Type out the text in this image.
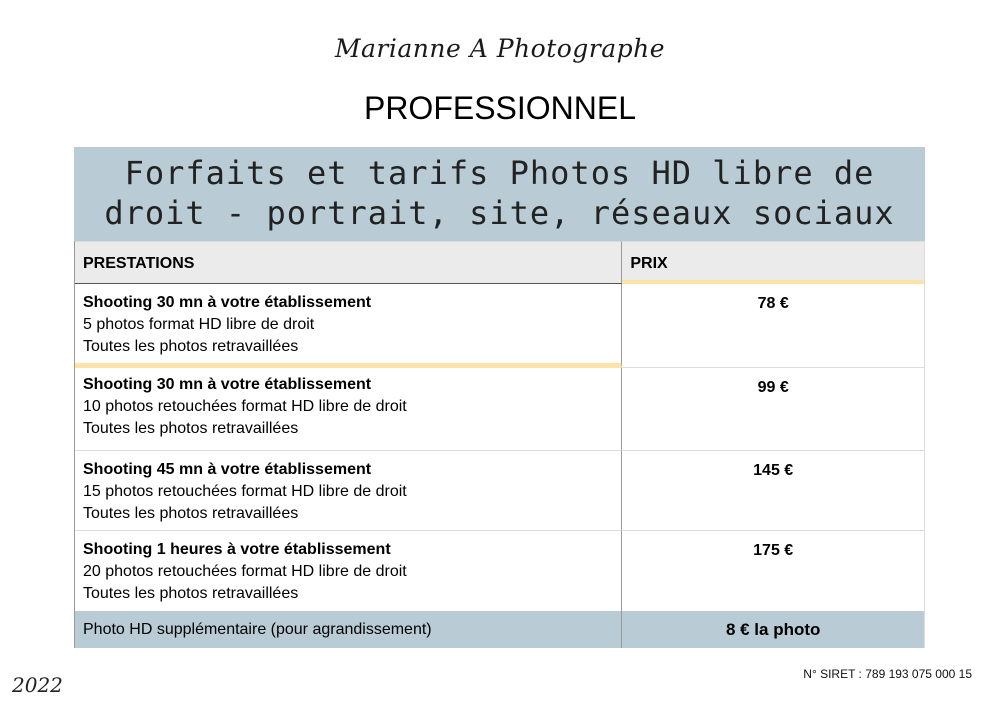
Marianne A Photographe
PROFESSIONNEL
Forfaits et tarifs Photos HD libre de
droit - portrait, site, réseaux sociaux
PRESTATIONS	PRIX
Shooting 30 mn à votre établissement
5 photos format HD libre de droit
Toutes les photos retravaillées
78 €
Shooting 30 mn à votre établissement
10 photos retouchées format HD libre de droit
Toutes les photos retravaillées
99 €
Shooting 45 mn à votre établissement
15 photos retouchées format HD libre de droit
Toutes les photos retravaillées
145 €
Shooting 1 heures à votre établissement
20 photos retouchées format HD libre de droit
Toutes les photos retravaillées
175 €
Photo HD supplémentaire (pour agrandissement)	8 € la photo
N° SIRET : 789 193 075 000 15
2022
